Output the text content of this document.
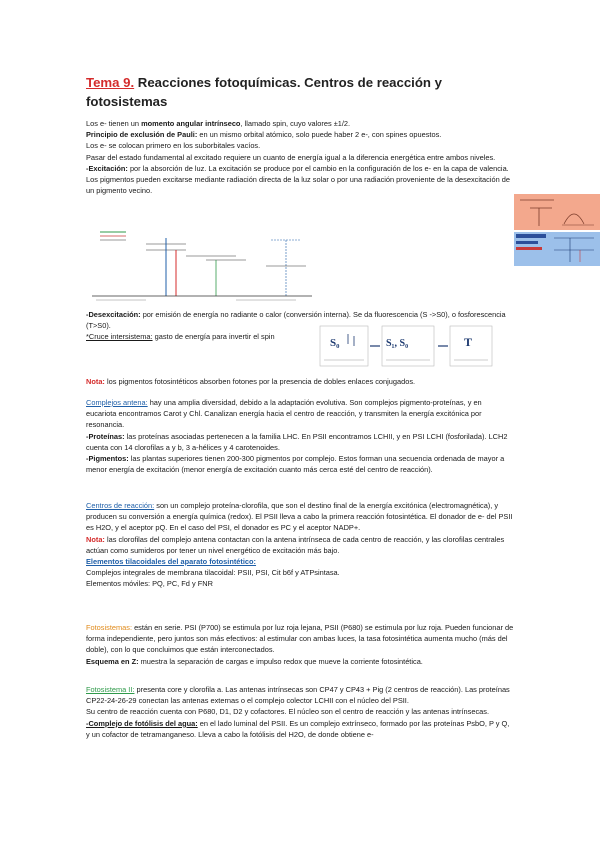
Tema 9. Reacciones fotoquímicas. Centros de reacción y fotosistemas

Los e- tienen un momento angular intrínseco, llamado spin, cuyo valores ±1/2.
Principio de exclusión de Pauli: en un mismo orbital atómico, solo puede haber 2 e-, con spines opuestos.
Los e- se colocan primero en los suborbitales vacíos.
Pasar del estado fundamental al excitado requiere un cuanto de energía igual a la diferencia energética entre ambos niveles.
-Excitación: por la absorción de luz. La excitación se produce por el cambio en la configuración de los e- en la capa de valencia. Los pigmentos pueden excitarse mediante radiación directa de la luz solar o por una radiación proveniente de la desexcitación de un pigmento vecino.

-Desexcitación: por emisión de energía no radiante o calor (conversión interna). Se da fluorescencia (S ->S0), o fosforescencia (T>S0).
*Cruce intersistema: gasto de energía para invertir el spin

S₀	S₁, S₀	T

Nota: los pigmentos fotosintéticos absorben fotones por la presencia de dobles enlaces conjugados.

Complejos antena: hay una amplia diversidad, debido a la adaptación evolutiva. Son complejos pigmento-proteínas, y en eucariota encontramos Carot y Chl. Canalizan energía hacia el centro de reacción, y transmiten la energía excitónica por resonancia.
-Proteínas: las proteínas asociadas pertenecen a la familia LHC. En PSII encontramos LCHII, y en PSI LCHI (fosforilada). LCH2 cuenta con 14 clorofilas a y b, 3 a-hélices y 4 carotenoides.
-Pigmentos: las plantas superiores tienen 200-300 pigmentos por complejo. Estos forman una secuencia ordenada de mayor a menor energía de excitación (menor energía de excitación cuanto más cerca esté del centro de reacción).

Centros de reacción: son un complejo proteína-clorofila, que son el destino final de la energía excitónica (electromagnética), y producen su conversión a energía química (redox). El PSII lleva a cabo la primera reacción fotosintética. El donador de e- del PSII es H2O, y el aceptor pQ. En el caso del PSI, el donador es PC y el aceptor NADP+.
Nota: las clorofilas del complejo antena contactan con la antena intrínseca de cada centro de reacción, y las clorofilas centrales actúan como sumideros por tener un nivel energético de excitación más bajo.
Elementos tilacoidales del aparato fotosintético:
Complejos integrales de membrana tilacoidal: PSII, PSI, Cit b6f y ATPsintasa.
Elementos móviles: PQ, PC, Fd y FNR

Fotosistemas: están en serie. PSI (P700) se estimula por luz roja lejana, PSII (P680) se estimula por luz roja. Pueden funcionar de forma independiente, pero juntos son más efectivos: al estimular con ambas luces, la tasa fotosintética aumenta mucho (más del doble), con lo que concluimos que están interconectados.
Esquema en Z: muestra la separación de cargas e impulso redox que mueve la corriente fotosintética.

Fotosistema II: presenta core y clorofila a. Las antenas intrínsecas son CP47 y CP43 + Pig (2 centros de reacción). Las proteínas CP22-24-26-29 conectan las antenas externas o el complejo colector LCHII con el núcleo del PSII.
Su centro de reacción cuenta con P680, D1, D2 y cofactores. El núcleo son el centro de reacción y las antenas intrínsecas.
-Complejo de fotólisis del agua: en el lado luminal del PSII. Es un complejo extrínseco, formado por las proteínas PsbO, P y Q, y un cofactor de tetramanganeso. Lleva a cabo la fotólisis del H2O, de donde obtiene e-
